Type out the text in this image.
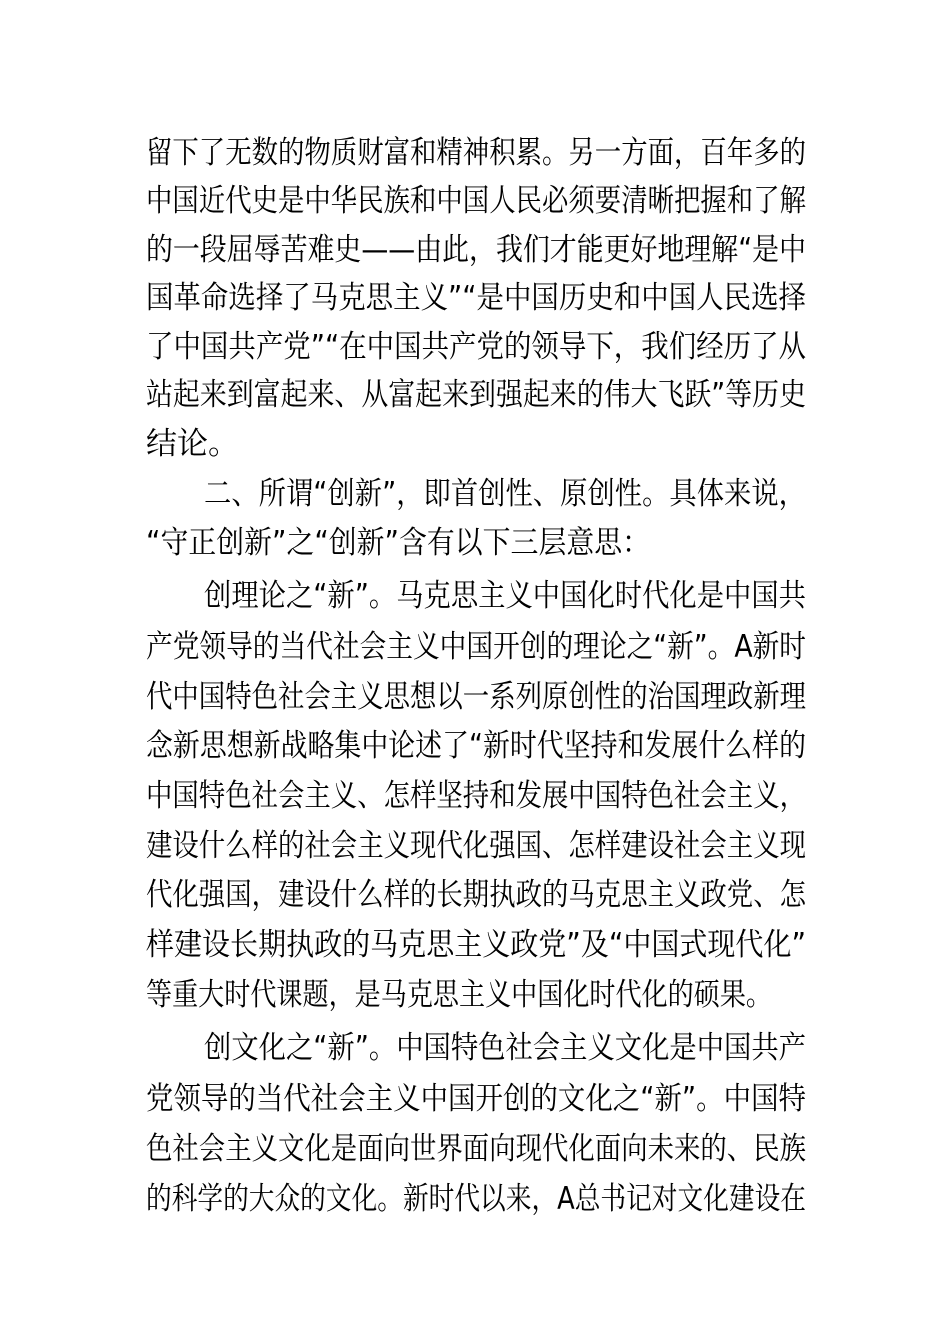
留下了无数的物质财富和精神积累。另一方面，百年多的
中国近代史是中华民族和中国人民必须要清晰把握和了解
的一段屈辱苦难史——由此，我们才能更好地理解“是中
国革命选择了马克思主义”“是中国历史和中国人民选择
了中国共产党”“在中国共产党的领导下，我们经历了从
站起来到富起来、从富起来到强起来的伟大飞跃”等历史
结论。
二、所谓“创新”，即首创性、原创性。具体来说，
“守正创新”之“创新”含有以下三层意思：
创理论之“新”。马克思主义中国化时代化是中国共
产党领导的当代社会主义中国开创的理论之“新”。A新时
代中国特色社会主义思想以一系列原创性的治国理政新理
念新思想新战略集中论述了“新时代坚持和发展什么样的
中国特色社会主义、怎样坚持和发展中国特色社会主义，
建设什么样的社会主义现代化强国、怎样建设社会主义现
代化强国，建设什么样的长期执政的马克思主义政党、怎
样建设长期执政的马克思主义政党”及“中国式现代化”
等重大时代课题，是马克思主义中国化时代化的硕果。
创文化之“新”。中国特色社会主义文化是中国共产
党领导的当代社会主义中国开创的文化之“新”。中国特
色社会主义文化是面向世界面向现代化面向未来的、民族
的科学的大众的文化。新时代以来，A总书记对文化建设在
